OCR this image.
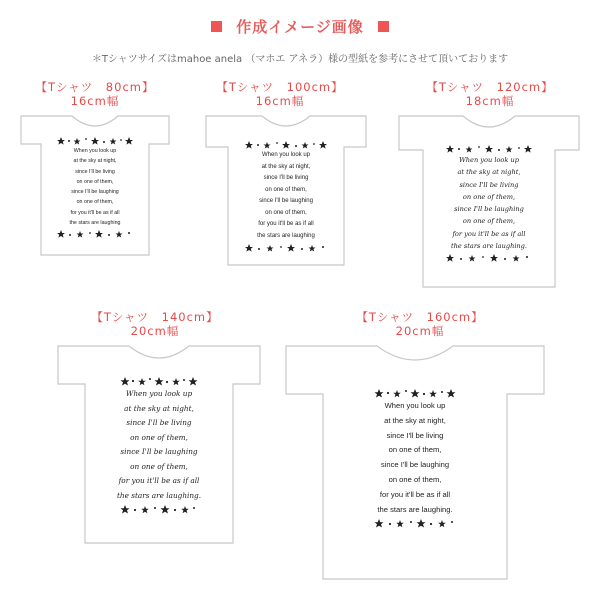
作成イメージ画像
＊Tシャツサイズはmahoe anela （マホエ アネラ）様の型紙を参考にさせて頂いております
【Tシャツ　80cm】
16cm幅
When you look up
at the sky at night,
since I'll be living
on one of them,
since I'll be laughing
on one of them,
for you it'll be as if all
the stars are laughing
【Tシャツ　100cm】
16cm幅
When you look up
at the sky at night,
since I'll be living
on one of them,
since I'll be laughing
on one of them,
for you it'll be as if all
the stars are laughing
【Tシャツ　120cm】
18cm幅
When you look up
at the sky at night,
since I'll be living
on one of them,
since I'll be laughing
on one of them,
for you it'll be as if all
the stars are laughing.
【Tシャツ　140cm】
20cm幅
When you look up
at the sky at night,
since I'll be living
on one of them,
since I'll be laughing
on one of them,
for you it'll be as if all
the stars are laughing.
【Tシャツ　160cm】
20cm幅
When you look up
at the sky at night,
since I'll be living
on one of them,
since I'll be laughing
on one of them,
for you it'll be as if all
the stars are laughing.
